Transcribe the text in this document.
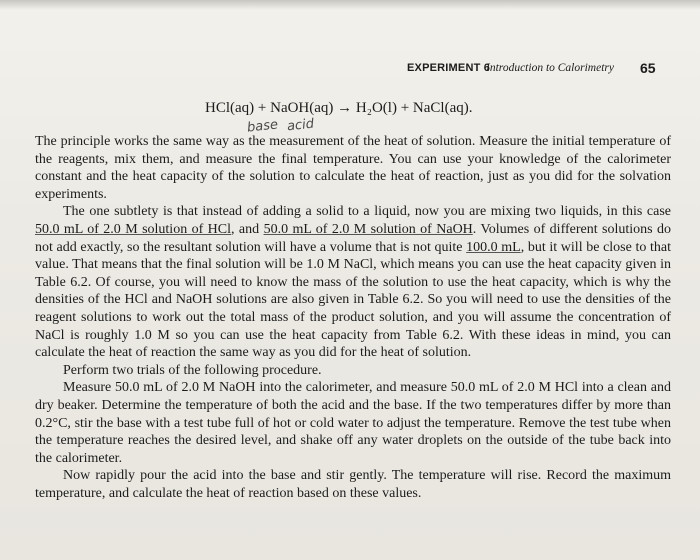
EXPERIMENT 6
Introduction to Calorimetry 65
HCl(aq) + NaOH(aq) → H₂O(l) + NaCl(aq).
base acid

The principle works the same way as the measurement of the heat of solution. Measure the initial temperature of the reagents, mix them, and measure the final temperature. You can use your knowledge of the calorimeter constant and the heat capacity of the solution to calculate the heat of reaction, just as you did for the solvation experiments.

The one subtlety is that instead of adding a solid to a liquid, now you are mixing two liquids, in this case 50.0 mL of 2.0 M solution of HCl, and 50.0 mL of 2.0 M solution of NaOH. Volumes of different solutions do not add exactly, so the resultant solution will have a volume that is not quite 100.0 mL, but it will be close to that value. That means that the final solution will be 1.0 M NaCl, which means you can use the heat capacity given in Table 6.2. Of course, you will need to know the mass of the solution to use the heat capacity, which is why the densities of the HCl and NaOH solutions are also given in Table 6.2. So you will need to use the densities of the reagent solutions to work out the total mass of the product solution, and you will assume the concentration of NaCl is roughly 1.0 M so you can use the heat capacity from Table 6.2. With these ideas in mind, you can calculate the heat of reaction the same way as you did for the heat of solution.

Perform two trials of the following procedure.

Measure 50.0 mL of 2.0 M NaOH into the calorimeter, and measure 50.0 mL of 2.0 M HCl into a clean and dry beaker. Determine the temperature of both the acid and the base. If the two temperatures differ by more than 0.2°C, stir the base with a test tube full of hot or cold water to adjust the temperature. Remove the test tube when the temperature reaches the desired level, and shake off any water droplets on the outside of the tube back into the calorimeter.

Now rapidly pour the acid into the base and stir gently. The temperature will rise. Record the maximum temperature, and calculate the heat of reaction based on these values.
